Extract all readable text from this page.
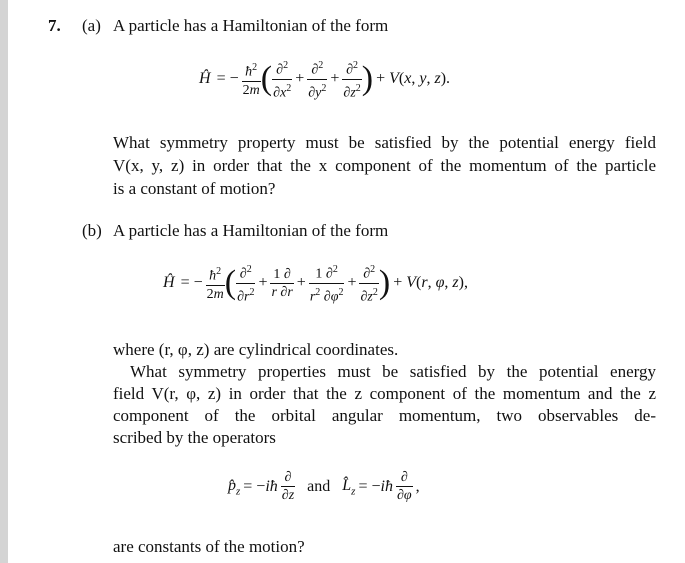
7. (a) A particle has a Hamiltonian of the form
Ĥ = − $\frac{ħ^2}{2m}$ ( $\frac{\partial^2}{\partial x^2} + \frac{\partial^2}{\partial y^2} + \frac{\partial^2}{\partial z^2}$ ) + V(x, y, z).
What symmetry property must be satisfied by the potential energy field
V(x, y, z) in order that the x component of the momentum of the particle
is a constant of motion?
(b) A particle has a Hamiltonian of the form
Ĥ = − $\frac{ħ^2}{2m}$ ( $\frac{\partial^2}{\partial r^2} + \frac{1 \partial}{r \partial r} + \frac{1 \partial^2}{r^2 \partial\varphi^2} + \frac{\partial^2}{\partial z^2}$ ) + V(r, φ, z),
where (r, φ, z) are cylindrical coordinates.
What symmetry properties must be satisfied by the potential energy
field V(r, φ, z) in order that the z component of the momentum and the z
component of the orbital angular momentum, two observables de-
scribed by the operators
$p̂_z$ = −iħ $\frac{\partial}{\partial z}$ and $L̂_z$ = −iħ $\frac{\partial}{\partial\varphi}$ ,
are constants of the motion?
